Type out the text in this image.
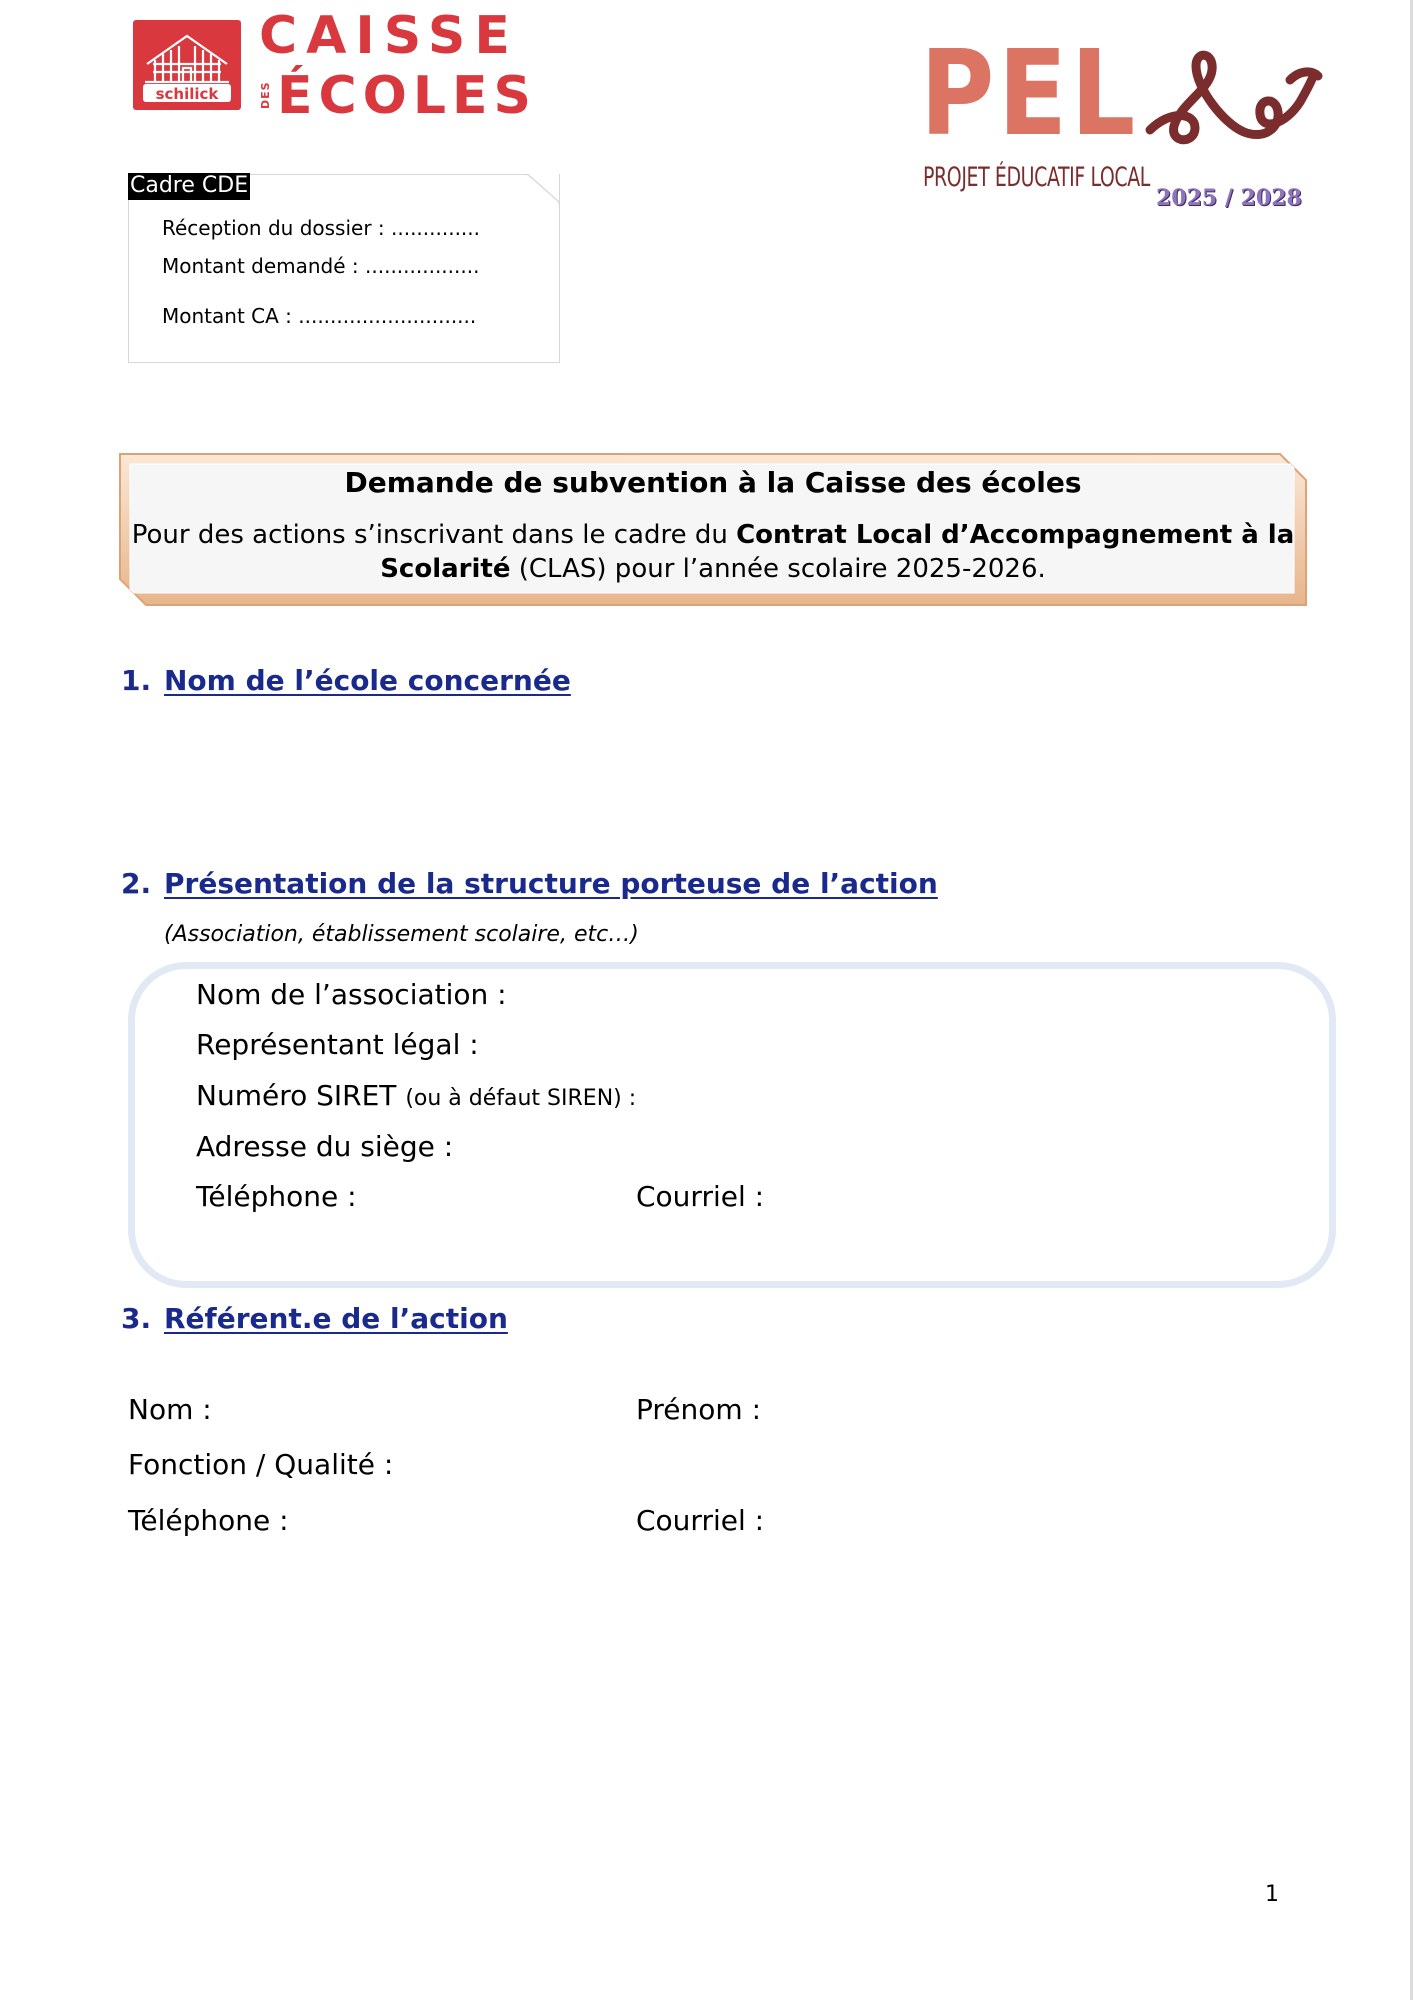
schilick
CAISSE
DES ÉCOLES	PEL
PROJET ÉDUCATIF LOCAL
2025 / 2028
Cadre CDE
Réception du dossier : ..............
Montant demandé : ..................
Montant CA : ............................
Demande de subvention à la Caisse des écoles
Pour des actions s’inscrivant dans le cadre du Contrat Local d’Accompagnement à la Scolarité (CLAS) pour l’année scolaire 2025-2026.
1. Nom de l’école concernée
2. Présentation de la structure porteuse de l’action
(Association, établissement scolaire, etc…)
Nom de l’association :
Représentant légal :
Numéro SIRET (ou à défaut SIREN) :
Adresse du siège :
Téléphone :	Courriel :
3. Référent.e de l’action
Nom :	Prénom :
Fonction / Qualité :
Téléphone :	Courriel :
1
